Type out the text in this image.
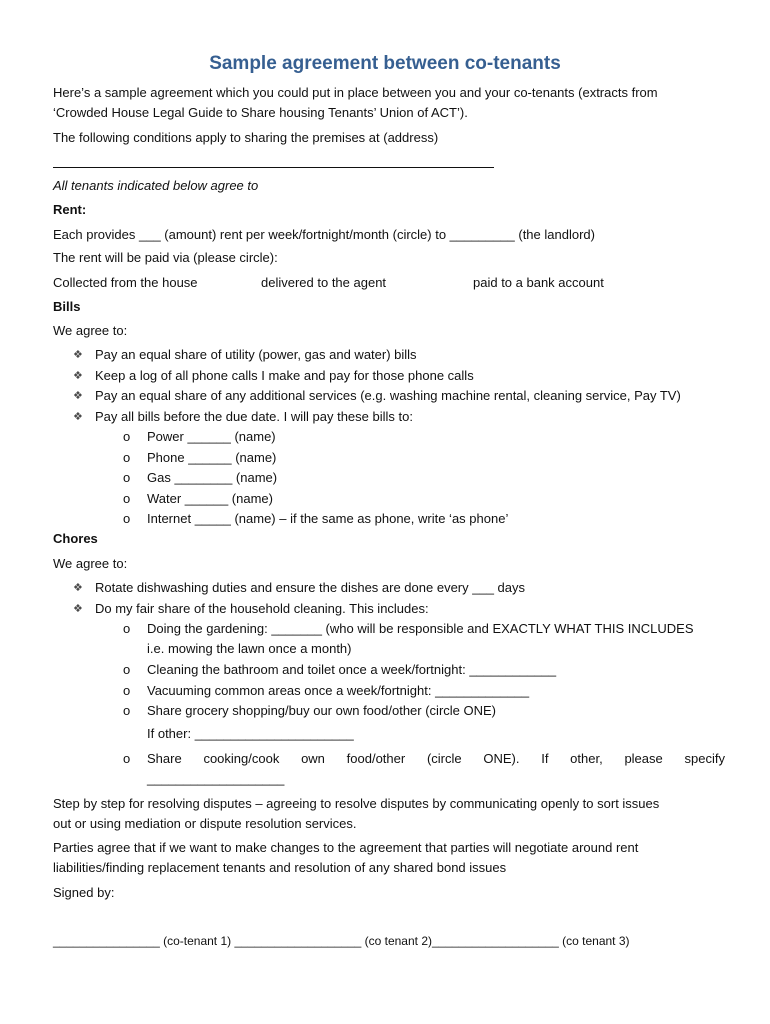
Sample agreement between co-tenants
Here’s a sample agreement which you could put in place between you and your co-tenants (extracts from
‘Crowded House Legal Guide to Share housing Tenants’ Union of ACT’).
The following conditions apply to sharing the premises at (address)
All tenants indicated below agree to
Rent:
Each provides ___ (amount) rent per week/fortnight/month (circle) to _________ (the landlord)
The rent will be paid via (please circle):
Collected from the house	delivered to the agent	paid to a bank account
Bills
We agree to:
❖ Pay an equal share of utility (power, gas and water) bills
❖ Keep a log of all phone calls I make and pay for those phone calls
❖ Pay an equal share of any additional services (e.g. washing machine rental, cleaning service, Pay TV)
❖ Pay all bills before the due date. I will pay these bills to:
o Power ______ (name)
o Phone ______ (name)
o Gas ________ (name)
o Water ______ (name)
o Internet _____ (name) – if the same as phone, write ‘as phone’
Chores
We agree to:
❖ Rotate dishwashing duties and ensure the dishes are done every ___ days
❖ Do my fair share of the household cleaning. This includes:
o Doing the gardening: _______ (who will be responsible and EXACTLY WHAT THIS INCLUDES
i.e. mowing the lawn once a month)
o Cleaning the bathroom and toilet once a week/fortnight: ____________
o Vacuuming common areas once a week/fortnight: _____________
o Share grocery shopping/buy our own food/other (circle ONE)
If other: ______________________
o Share cooking/cook own food/other (circle ONE). If other, please specify
___________________
Step by step for resolving disputes – agreeing to resolve disputes by communicating openly to sort issues
out or using mediation or dispute resolution services.
Parties agree that if we want to make changes to the agreement that parties will negotiate around rent
liabilities/finding replacement tenants and resolution of any shared bond issues
Signed by:
________________ (co-tenant 1) ___________________ (co tenant 2)___________________ (co tenant 3)
